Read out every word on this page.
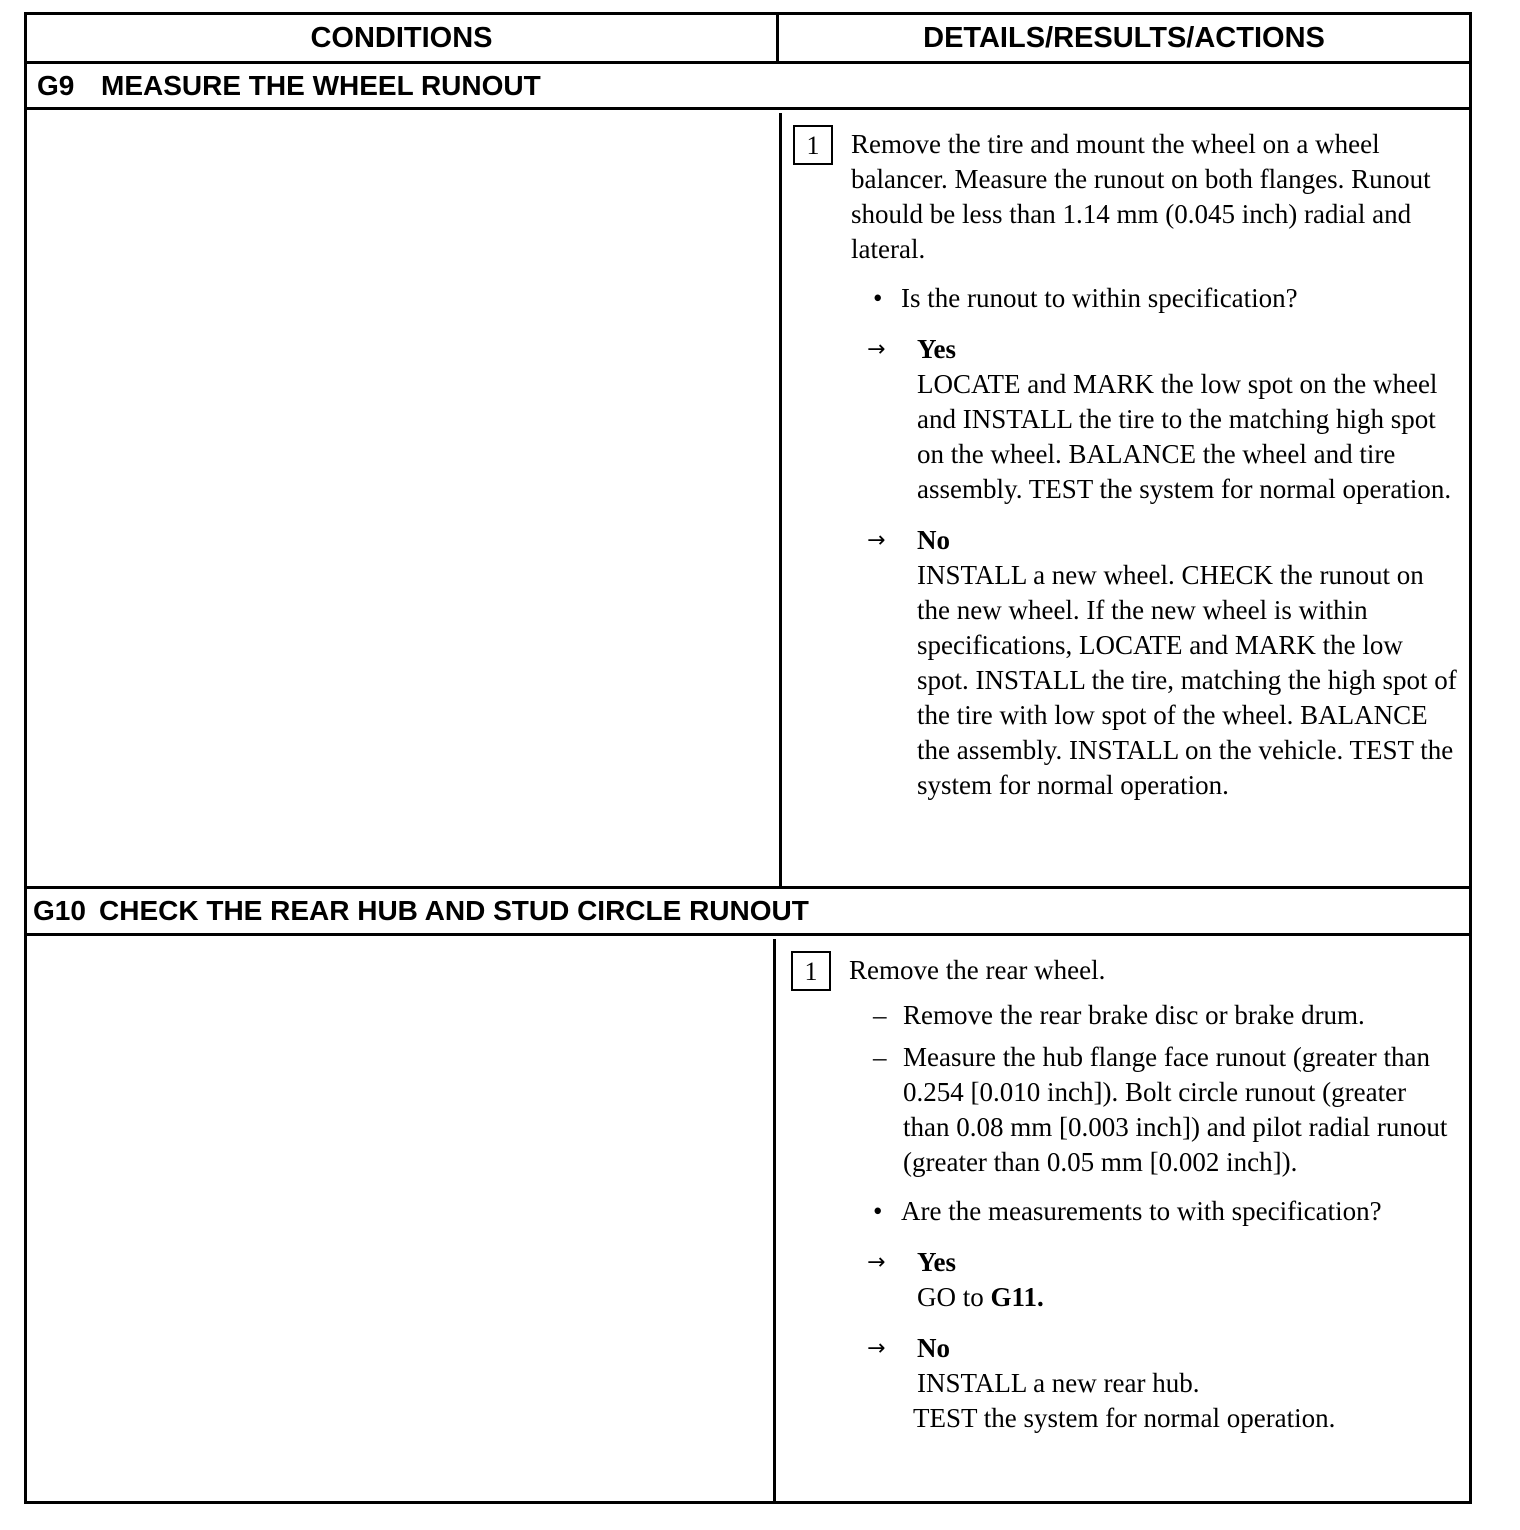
CONDITIONS	DETAILS/RESULTS/ACTIONS
G9 MEASURE THE WHEEL RUNOUT
1	Remove the tire and mount the wheel on a wheel balancer. Measure the runout on both flanges. Runout should be less than 1.14 mm (0.045 inch) radial and lateral.
• Is the runout to within specification?
→	Yes
LOCATE and MARK the low spot on the wheel and INSTALL the tire to the matching high spot on the wheel. BALANCE the wheel and tire assembly. TEST the system for normal operation.
→	No
INSTALL a new wheel. CHECK the runout on the new wheel. If the new wheel is within specifications, LOCATE and MARK the low spot. INSTALL the tire, matching the high spot of the tire with low spot of the wheel. BALANCE the assembly. INSTALL on the vehicle. TEST the system for normal operation.
G10 CHECK THE REAR HUB AND STUD CIRCLE RUNOUT
1	Remove the rear wheel.
– Remove the rear brake disc or brake drum.
– Measure the hub flange face runout (greater than 0.254 [0.010 inch]). Bolt circle runout (greater than 0.08 mm [0.003 inch]) and pilot radial runout (greater than 0.05 mm [0.002 inch]).
• Are the measurements to with specification?
→	Yes
GO to G11.
→	No
INSTALL a new rear hub.
TEST the system for normal operation.
